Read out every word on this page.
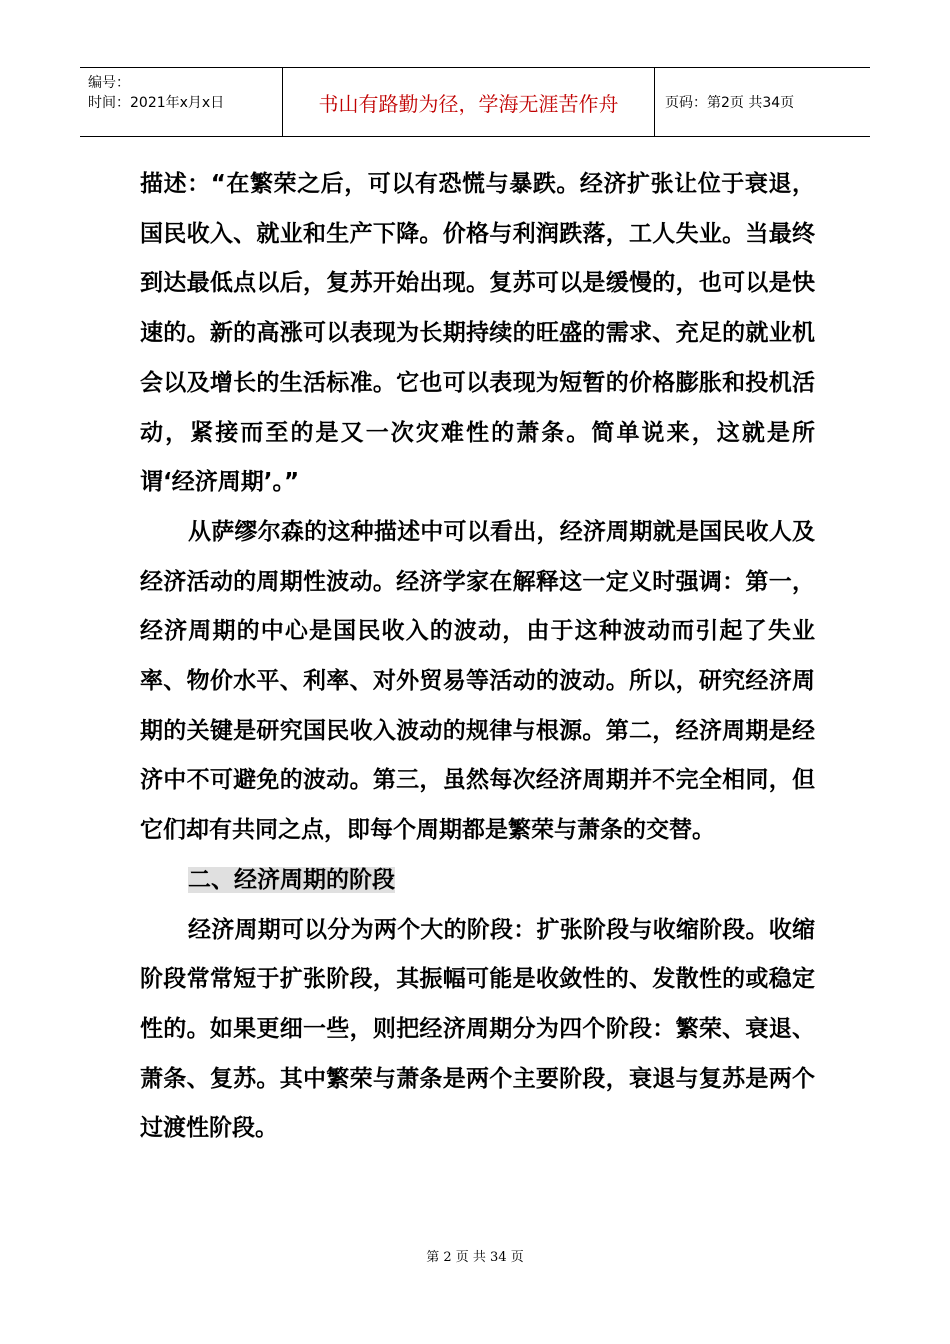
编号：
时间：2021年x月x日	书山有路勤为径，学海无涯苦作舟	页码：第2页 共34页

描述：“在繁荣之后，可以有恐慌与暴跌。经济扩张让位于衰退，国民收入、就业和生产下降。价格与利润跌落，工人失业。当最终到达最低点以后，复苏开始出现。复苏可以是缓慢的，也可以是快速的。新的高涨可以表现为长期持续的旺盛的需求、充足的就业机会以及增长的生活标准。它也可以表现为短暂的价格膨胀和投机活动，紧接而至的是又一次灾难性的萧条。简单说来，这就是所谓‘经济周期’。”

从萨缪尔森的这种描述中可以看出，经济周期就是国民收人及经济活动的周期性波动。经济学家在解释这一定义时强调：第一，经济周期的中心是国民收入的波动，由于这种波动而引起了失业率、物价水平、利率、对外贸易等活动的波动。所以，研究经济周期的关键是研究国民收入波动的规律与根源。第二，经济周期是经济中不可避免的波动。第三，虽然每次经济周期并不完全相同，但它们却有共同之点，即每个周期都是繁荣与萧条的交替。

二、经济周期的阶段

经济周期可以分为两个大的阶段：扩张阶段与收缩阶段。收缩阶段常常短于扩张阶段，其振幅可能是收敛性的、发散性的或稳定性的。如果更细一些，则把经济周期分为四个阶段：繁荣、衰退、萧条、复苏。其中繁荣与萧条是两个主要阶段，衰退与复苏是两个过渡性阶段。

第 2 页 共 34 页
